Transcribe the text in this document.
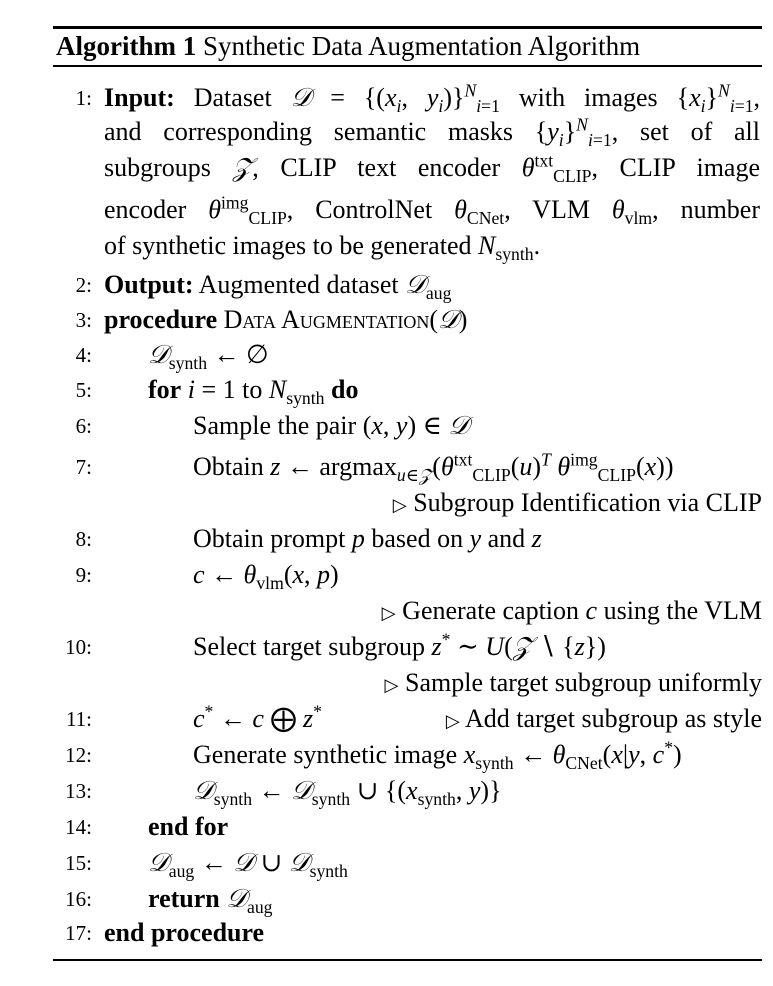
Algorithm 1 Synthetic Data Augmentation Algorithm
1: Input: Dataset 𝒟 = {($x_i$, $y_i)\}^N_{i=1}$ with images $\{x_i\}^N_{i=1}$,
and corresponding semantic masks $\{y_i\}^N_{i=1}$, set of all
subgroups 𝒵, CLIP text encoder $\theta^{txt}_{CLIP}$, CLIP image
encoder $\theta^{img}_{CLIP}$, ControlNet $\theta_{CNet}$, VLM $\theta_{vlm}$, number
of synthetic images to be generated $N_{synth}$.
2: Output: Augmented dataset 𝒟$_{aug}$
3: procedure Data Augmentation(𝒟)
4: 𝒟$_{synth}$ ← ∅
5: for i = 1 to $N_{synth}$ do
6:	Sample the pair (x, y) ∈ 𝒟
7:	Obtain z ← $argmax_{u\in 𝒵}(\theta^{txt}_{CLIP}(u)^T$ $\theta^{img}_{CLIP}(x)$)
▷ Subgroup Identification via CLIP
8:	Obtain prompt p based on y and z
9:	c ← $\theta_{vlm}(x$, p)
▷ Generate caption c using the VLM
10:	Select target subgroup z* ∼ U(𝒵 ∖ {z})
▷ Sample target subgroup uniformly
11:	c* ← c ⨁ z*	▷ Add target subgroup as style
12:	Generate synthetic image $x_{synth}$ ← $\theta_{CNet}(x|y$, c*)
13:	𝒟$_{synth}$ ← 𝒟$_{synth}$ ∪ {($x_{synth}$, y)}
14: end for
15: 𝒟$_{aug}$ ← 𝒟 ∪ 𝒟$_{synth}$
16: return 𝒟$_{aug}$
17: end procedure
